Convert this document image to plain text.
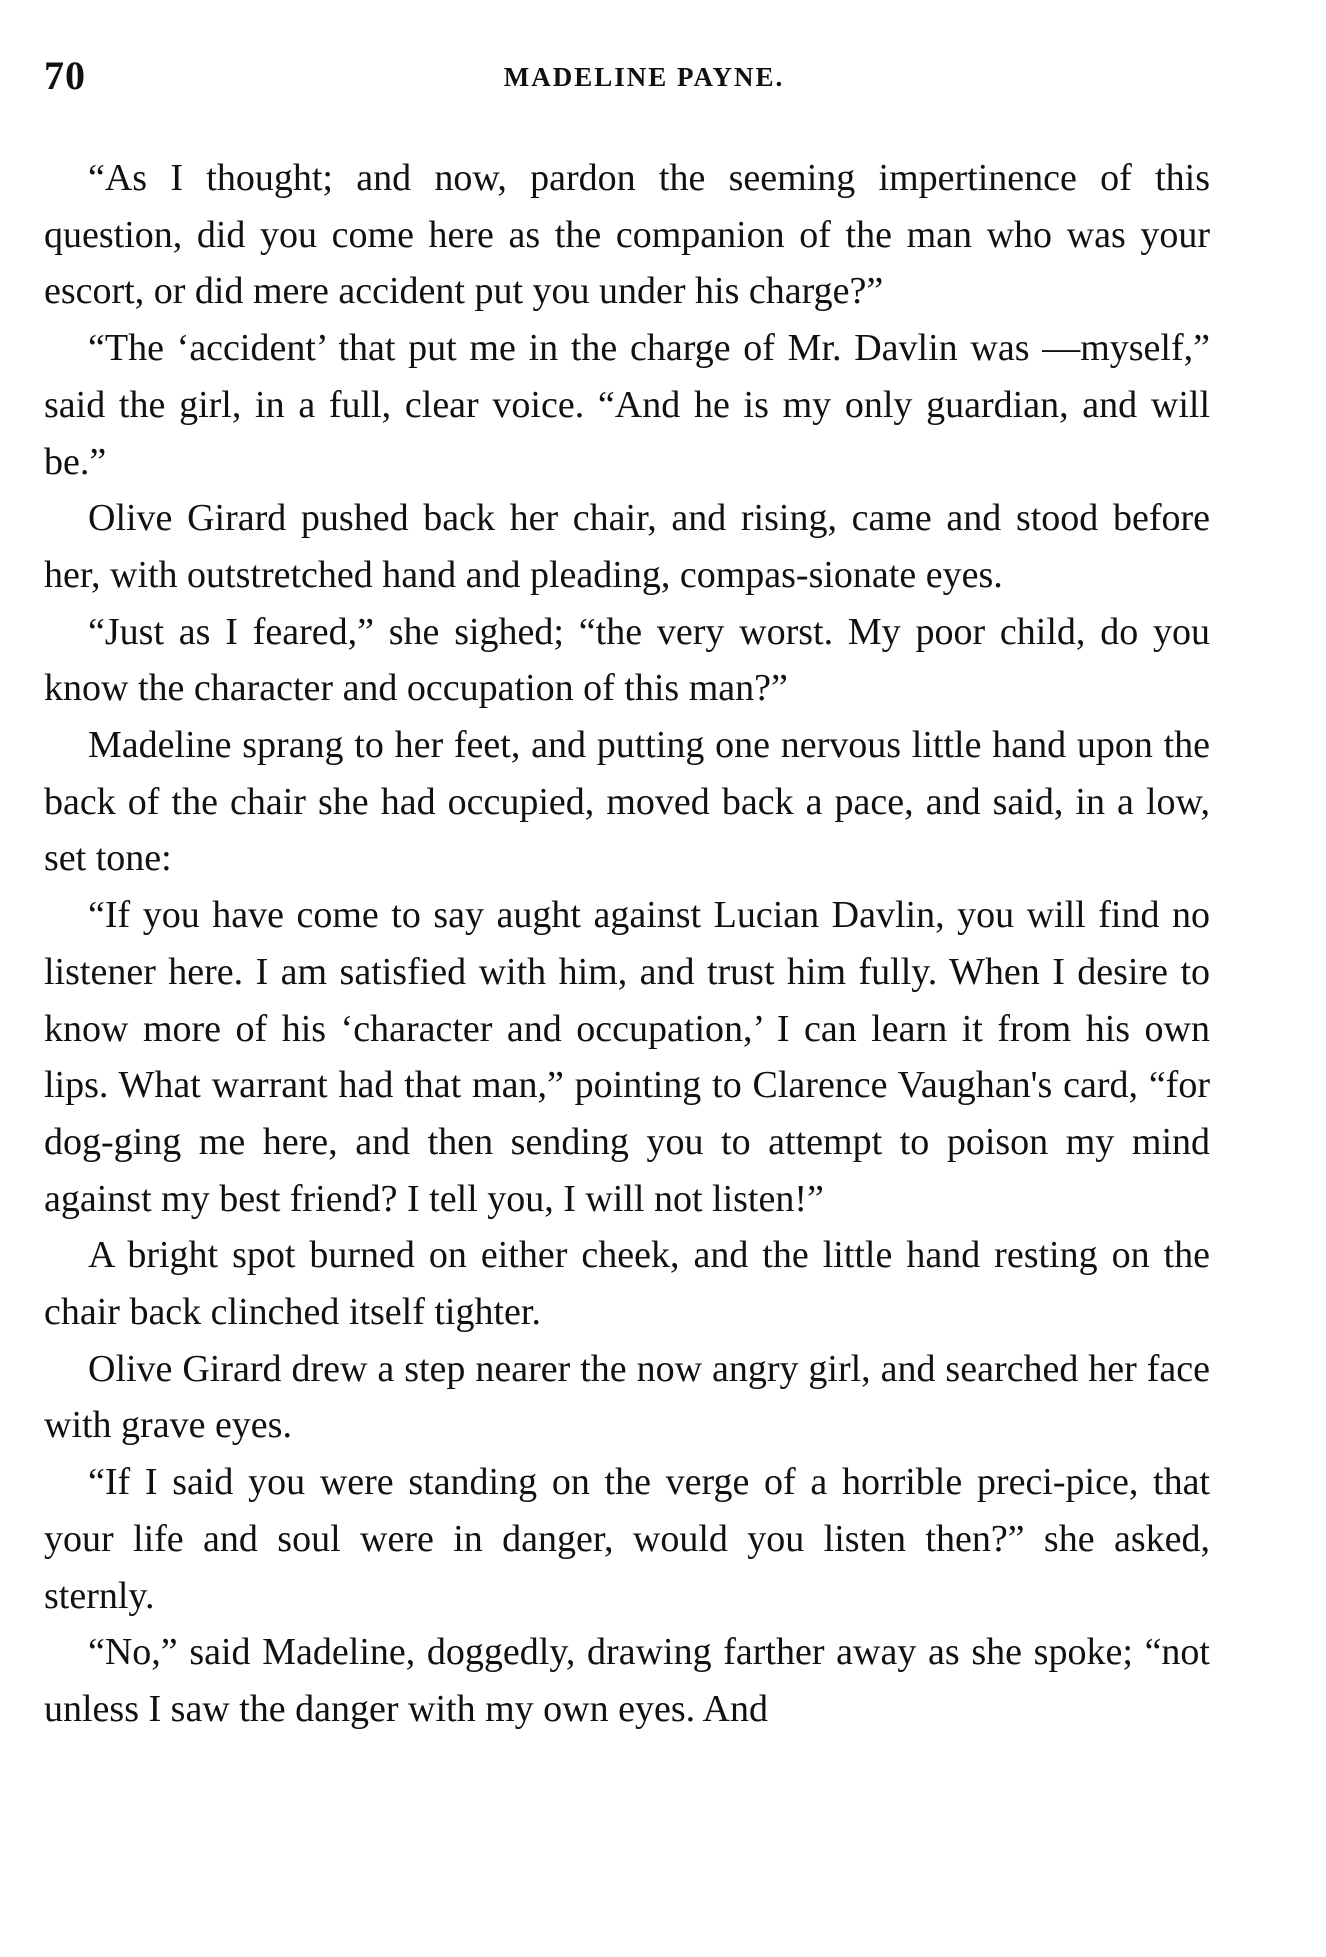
70	MADELINE PAYNE.

“As I thought; and now, pardon the seeming impertinence of this question, did you come here as the companion of the man who was your escort, or did mere accident put you under his charge?”

“The ‘accident’ that put me in the charge of Mr. Davlin was —myself,” said the girl, in a full, clear voice. “And he is my only guardian, and will be.”

Olive Girard pushed back her chair, and rising, came and stood before her, with outstretched hand and pleading, compas-sionate eyes.

“Just as I feared,” she sighed; “the very worst. My poor child, do you know the character and occupation of this man?”

Madeline sprang to her feet, and putting one nervous little hand upon the back of the chair she had occupied, moved back a pace, and said, in a low, set tone:

“If you have come to say aught against Lucian Davlin, you will find no listener here. I am satisfied with him, and trust him fully. When I desire to know more of his ‘character and occupation,’ I can learn it from his own lips. What warrant had that man,” pointing to Clarence Vaughan's card, “for dog-ging me here, and then sending you to attempt to poison my mind against my best friend? I tell you, I will not listen!”

A bright spot burned on either cheek, and the little hand resting on the chair back clinched itself tighter.

Olive Girard drew a step nearer the now angry girl, and searched her face with grave eyes.

“If I said you were standing on the verge of a horrible preci-pice, that your life and soul were in danger, would you listen then?” she asked, sternly.

“No,” said Madeline, doggedly, drawing farther away as she spoke; “not unless I saw the danger with my own eyes. And
